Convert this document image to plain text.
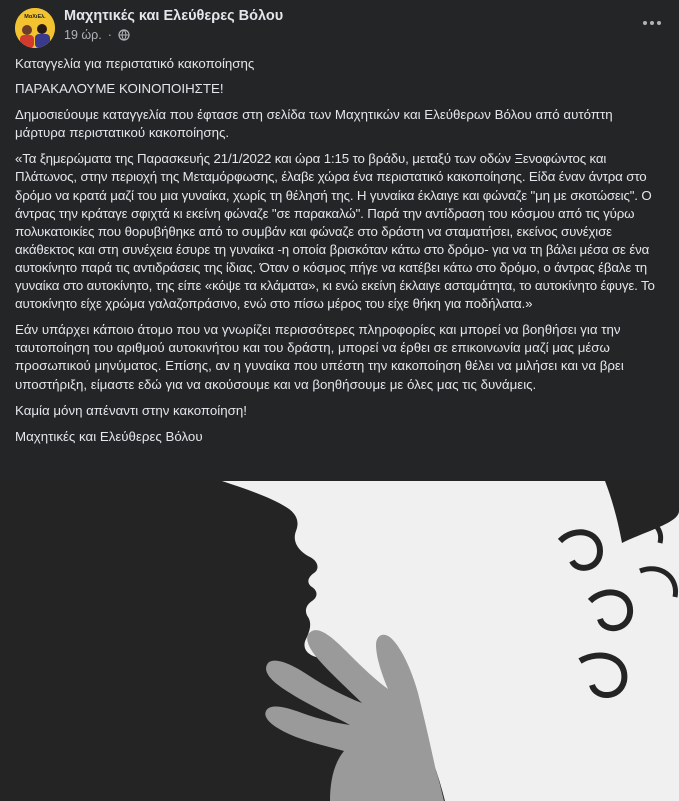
ΜαΧιΕλ. Μαχητικές και Ελεύθερες Βόλου
19 ώρ. ·

Καταγγελία για περιστατικό κακοποίησης

ΠΑΡΑΚΑΛΟΥΜΕ ΚΟΙΝΟΠΟΙΗΣΤΕ!

Δημοσιεύουμε καταγγελία που έφτασε στη σελίδα των Μαχητικών και Ελεύθερων Βόλου από αυτόπτη μάρτυρα περιστατικού κακοποίησης.

«Τα ξημερώματα της Παρασκευής 21/1/2022 και ώρα 1:15 το βράδυ, μεταξύ των οδών Ξενοφώντος και Πλάτωνος, στην περιοχή της Μεταμόρφωσης, έλαβε χώρα ένα περιστατικό κακοποίησης. Είδα έναν άντρα στο δρόμο να κρατά μαζί του μια γυναίκα, χωρίς τη θέλησή της. Η γυναίκα έκλαιγε και φώναζε "μη με σκοτώσεις". Ο άντρας την κράταγε σφιχτά κι εκείνη φώναζε "σε παρακαλώ". Παρά την αντίδραση του κόσμου από τις γύρω πολυκατοικίες που θορυβήθηκε από το συμβάν και φώναζε στο δράστη να σταματήσει, εκείνος συνέχισε ακάθεκτος και στη συνέχεια έσυρε τη γυναίκα -η οποία βρισκόταν κάτω στο δρόμο- για να τη βάλει μέσα σε ένα αυτοκίνητο παρά τις αντιδράσεις της ίδιας. Όταν ο κόσμος πήγε να κατέβει κάτω στο δρόμο, ο άντρας έβαλε τη γυναίκα στο αυτοκίνητο, της είπε «κόψε τα κλάματα», κι ενώ εκείνη έκλαιγε ασταμάτητα, το αυτοκίνητο έφυγε. Το αυτοκίνητο είχε χρώμα γαλαζοπράσινο, ενώ στο πίσω μέρος του είχε θήκη για ποδήλατα.»

Εάν υπάρχει κάποιο άτομο που να γνωρίζει περισσότερες πληροφορίες και μπορεί να βοηθήσει για την ταυτοποίηση του αριθμού αυτοκινήτου και του δράστη, μπορεί να έρθει σε επικοινωνία μαζί μας μέσω προσωπικού μηνύματος. Επίσης, αν η γυναίκα που υπέστη την κακοποίηση θέλει να μιλήσει και να βρει υποστήριξη, είμαστε εδώ για να ακούσουμε και να βοηθήσουμε με όλες μας τις δυνάμεις.

Καμία μόνη απέναντι στην κακοποίηση!

Μαχητικές και Ελεύθερες Βόλου
